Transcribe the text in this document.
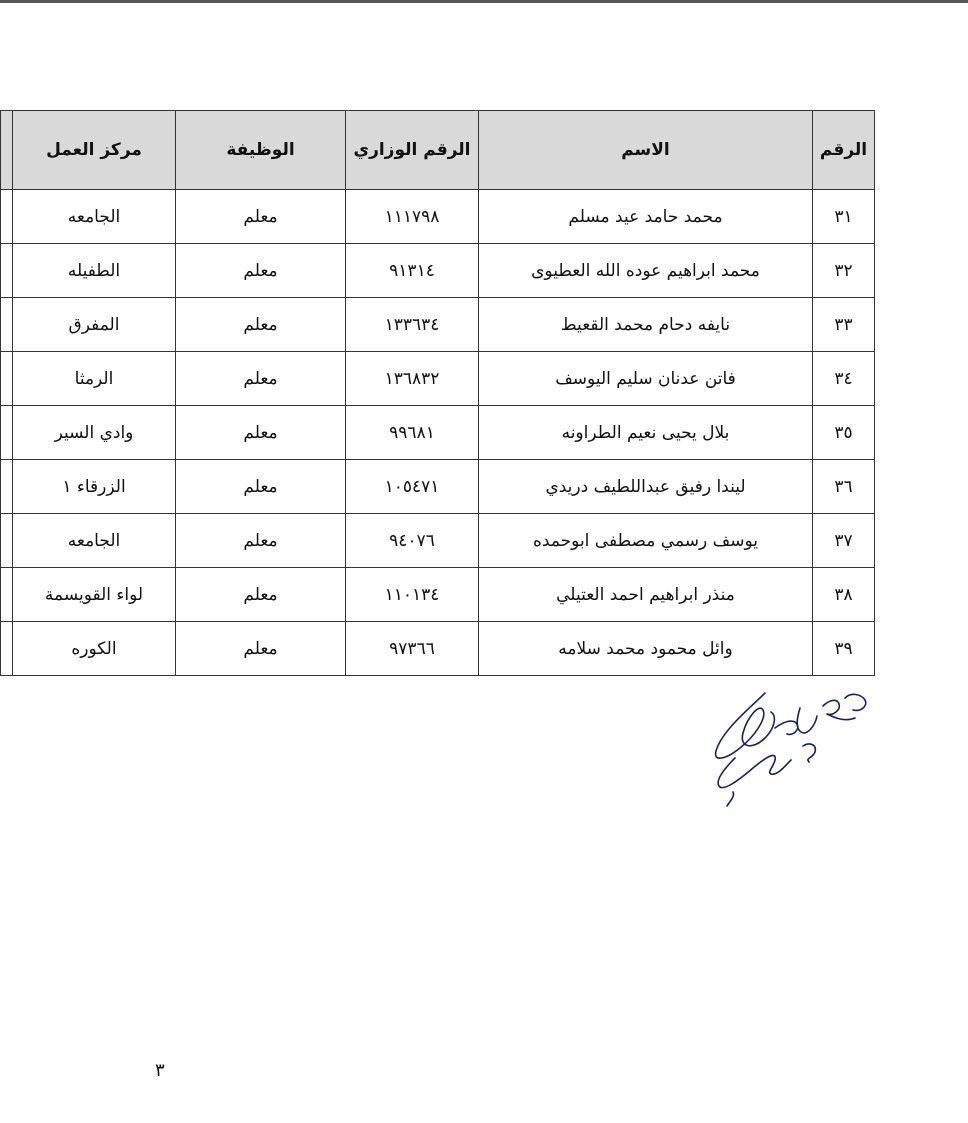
الرقم	الاسم	الرقم الوزاري	الوظيفة	مركز العمل	
٣١	محمد حامد عيد مسلم	١١١٧٩٨	معلم	الجامعه	
٣٢	محمد ابراهيم عوده الله العطيوى	٩١٣١٤	معلم	الطفيله	
٣٣	نايفه دحام محمد القعيط	١٣٣٦٣٤	معلم	المفرق	
٣٤	فاتن عدنان سليم اليوسف	١٣٦٨٣٢	معلم	الرمثا	
٣٥	بلال يحيى نعيم الطراونه	٩٩٦٨١	معلم	وادي السير	
٣٦	ليندا رفيق عبداللطيف دريدي	١٠٥٤٧١	معلم	الزرقاء ١	
٣٧	يوسف رسمي مصطفى ابوحمده	٩٤٠٧٦	معلم	الجامعه	
٣٨	منذر ابراهيم احمد العتيلي	١١٠١٣٤	معلم	لواء القويسمة	
٣٩	وائل محمود محمد سلامه	٩٧٣٦٦	معلم	الكوره	
٣
